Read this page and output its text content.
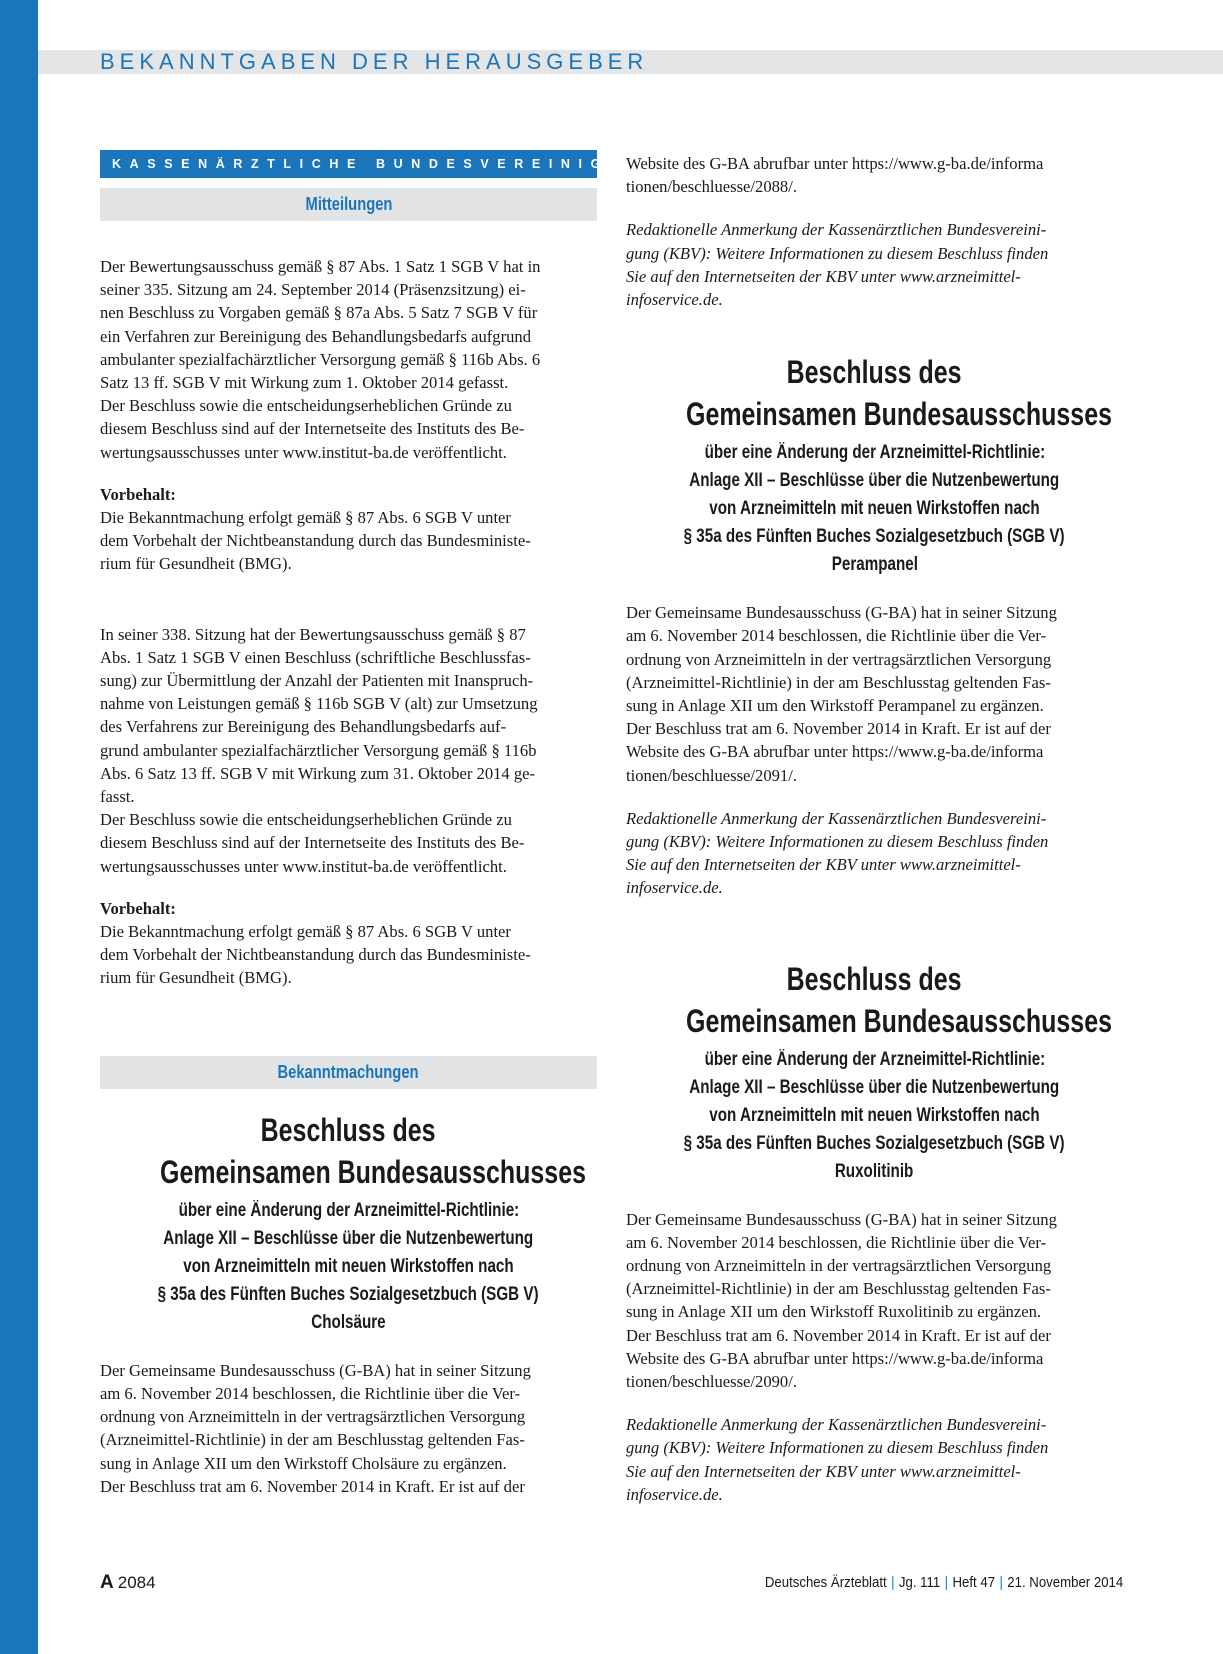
BEKANNTGABEN DER HERAUSGEBER
KASSENÄRZTLICHE BUNDESVEREINIGUNG
Mitteilungen

Der Bewertungsausschuss gemäß § 87 Abs. 1 Satz 1 SGB V hat in

seiner 335. Sitzung am 24. September 2014 (Präsenzsitzung) ei-

nen Beschluss zu Vorgaben gemäß § 87a Abs. 5 Satz 7 SGB V für

ein Verfahren zur Bereinigung des Behandlungsbedarfs aufgrund

ambulanter spezialfachärztlicher Versorgung gemäß § 116b Abs. 6

Satz 13 ff. SGB V mit Wirkung zum 1. Oktober 2014 gefasst.

Der Beschluss sowie die entscheidungserheblichen Gründe zu

diesem Beschluss sind auf der Internetseite des Instituts des Be-

wertungsausschusses unter www.institut-ba.de veröffentlicht.

Vorbehalt:

Die Bekanntmachung erfolgt gemäß § 87 Abs. 6 SGB V unter

dem Vorbehalt der Nichtbeanstandung durch das Bundesministe-

rium für Gesundheit (BMG).

In seiner 338. Sitzung hat der Bewertungsausschuss gemäß § 87

Abs. 1 Satz 1 SGB V einen Beschluss (schriftliche Beschlussfas-

sung) zur Übermittlung der Anzahl der Patienten mit Inanspruch-

nahme von Leistungen gemäß § 116b SGB V (alt) zur Umsetzung

des Verfahrens zur Bereinigung des Behandlungsbedarfs auf-

grund ambulanter spezialfachärztlicher Versorgung gemäß § 116b

Abs. 6 Satz 13 ff. SGB V mit Wirkung zum 31. Oktober 2014 ge-

fasst.

Der Beschluss sowie die entscheidungserheblichen Gründe zu

diesem Beschluss sind auf der Internetseite des Instituts des Be-

wertungsausschusses unter www.institut-ba.de veröffentlicht.

Vorbehalt:

Die Bekanntmachung erfolgt gemäß § 87 Abs. 6 SGB V unter

dem Vorbehalt der Nichtbeanstandung durch das Bundesministe-

rium für Gesundheit (BMG).

Bekanntmachungen
Beschluss des
Gemeinsamen Bundesausschusses

über eine Änderung der Arzneimittel-Richtlinie:

Anlage XII – Beschlüsse über die Nutzenbewertung

von Arzneimitteln mit neuen Wirkstoffen nach

§ 35a des Fünften Buches Sozialgesetzbuch (SGB V)

Cholsäure

Der Gemeinsame Bundesausschuss (G-BA) hat in seiner Sitzung

am 6. November 2014 beschlossen, die Richtlinie über die Ver-

ordnung von Arzneimitteln in der vertragsärztlichen Versorgung

(Arzneimittel-Richtlinie) in der am Beschlusstag geltenden Fas-

sung in Anlage XII um den Wirkstoff Cholsäure zu ergänzen.

Der Beschluss trat am 6. November 2014 in Kraft. Er ist auf der

Website des G-BA abrufbar unter https://www.g-ba.de/informa

tionen/beschluesse/2088/.

Redaktionelle Anmerkung der Kassenärztlichen Bundesvereini-

gung (KBV): Weitere Informationen zu diesem Beschluss finden

Sie auf den Internetseiten der KBV unter www.arzneimittel-

infoservice.de.

Beschluss des
Gemeinsamen Bundesausschusses

über eine Änderung der Arzneimittel-Richtlinie:

Anlage XII – Beschlüsse über die Nutzenbewertung

von Arzneimitteln mit neuen Wirkstoffen nach

§ 35a des Fünften Buches Sozialgesetzbuch (SGB V)

Perampanel

Der Gemeinsame Bundesausschuss (G-BA) hat in seiner Sitzung

am 6. November 2014 beschlossen, die Richtlinie über die Ver-

ordnung von Arzneimitteln in der vertragsärztlichen Versorgung

(Arzneimittel-Richtlinie) in der am Beschlusstag geltenden Fas-

sung in Anlage XII um den Wirkstoff Perampanel zu ergänzen.

Der Beschluss trat am 6. November 2014 in Kraft. Er ist auf der

Website des G-BA abrufbar unter https://www.g-ba.de/informa

tionen/beschluesse/2091/.

Redaktionelle Anmerkung der Kassenärztlichen Bundesvereini-

gung (KBV): Weitere Informationen zu diesem Beschluss finden

Sie auf den Internetseiten der KBV unter www.arzneimittel-

infoservice.de.

Beschluss des
Gemeinsamen Bundesausschusses

über eine Änderung der Arzneimittel-Richtlinie:

Anlage XII – Beschlüsse über die Nutzenbewertung

von Arzneimitteln mit neuen Wirkstoffen nach

§ 35a des Fünften Buches Sozialgesetzbuch (SGB V)

Ruxolitinib

Der Gemeinsame Bundesausschuss (G-BA) hat in seiner Sitzung

am 6. November 2014 beschlossen, die Richtlinie über die Ver-

ordnung von Arzneimitteln in der vertragsärztlichen Versorgung

(Arzneimittel-Richtlinie) in der am Beschlusstag geltenden Fas-

sung in Anlage XII um den Wirkstoff Ruxolitinib zu ergänzen.

Der Beschluss trat am 6. November 2014 in Kraft. Er ist auf der

Website des G-BA abrufbar unter https://www.g-ba.de/informa

tionen/beschluesse/2090/.

Redaktionelle Anmerkung der Kassenärztlichen Bundesvereini-

gung (KBV): Weitere Informationen zu diesem Beschluss finden

Sie auf den Internetseiten der KBV unter www.arzneimittel-

infoservice.de.

A 2084	Deutsches Ärzteblatt | Jg. 111 | Heft 47 | 21. November 2014
